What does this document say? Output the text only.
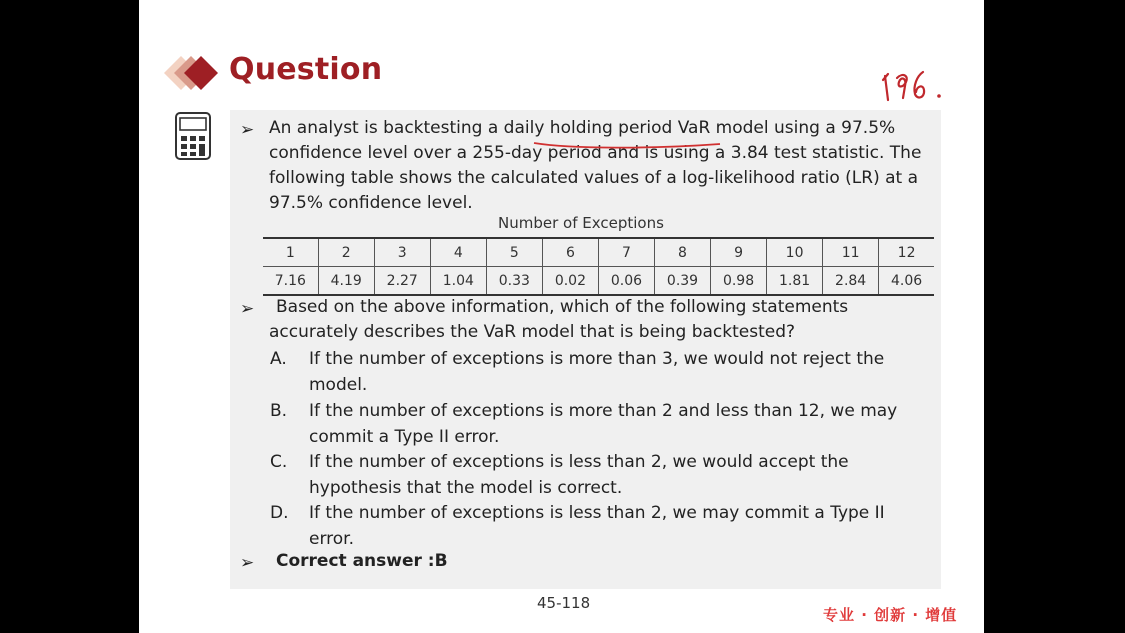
Question
➢ An analyst is backtesting a daily holding period VaR model using a 97.5% confidence level over a 255-day period and is using a 3.84 test statistic. The following table shows the calculated values of a log-likelihood ratio (LR) at a 97.5% confidence level.
Number of Exceptions
1	2	3	4	5	6	7	8	9	10	11	12
7.16	4.19	2.27	1.04	0.33	0.02	0.06	0.39	0.98	1.81	2.84	4.06
➢	Based on the above information, which of the following statements accurately describes the VaR model that is being backtested?
A. If the number of exceptions is more than 3, we would not reject the model.
B. If the number of exceptions is more than 2 and less than 12, we may commit a Type II error.
C. If the number of exceptions is less than 2, we would accept the hypothesis that the model is correct.
D. If the number of exceptions is less than 2, we may commit a Type II error.
➢ Correct answer :B
45-118
专业 · 创新 · 增值
